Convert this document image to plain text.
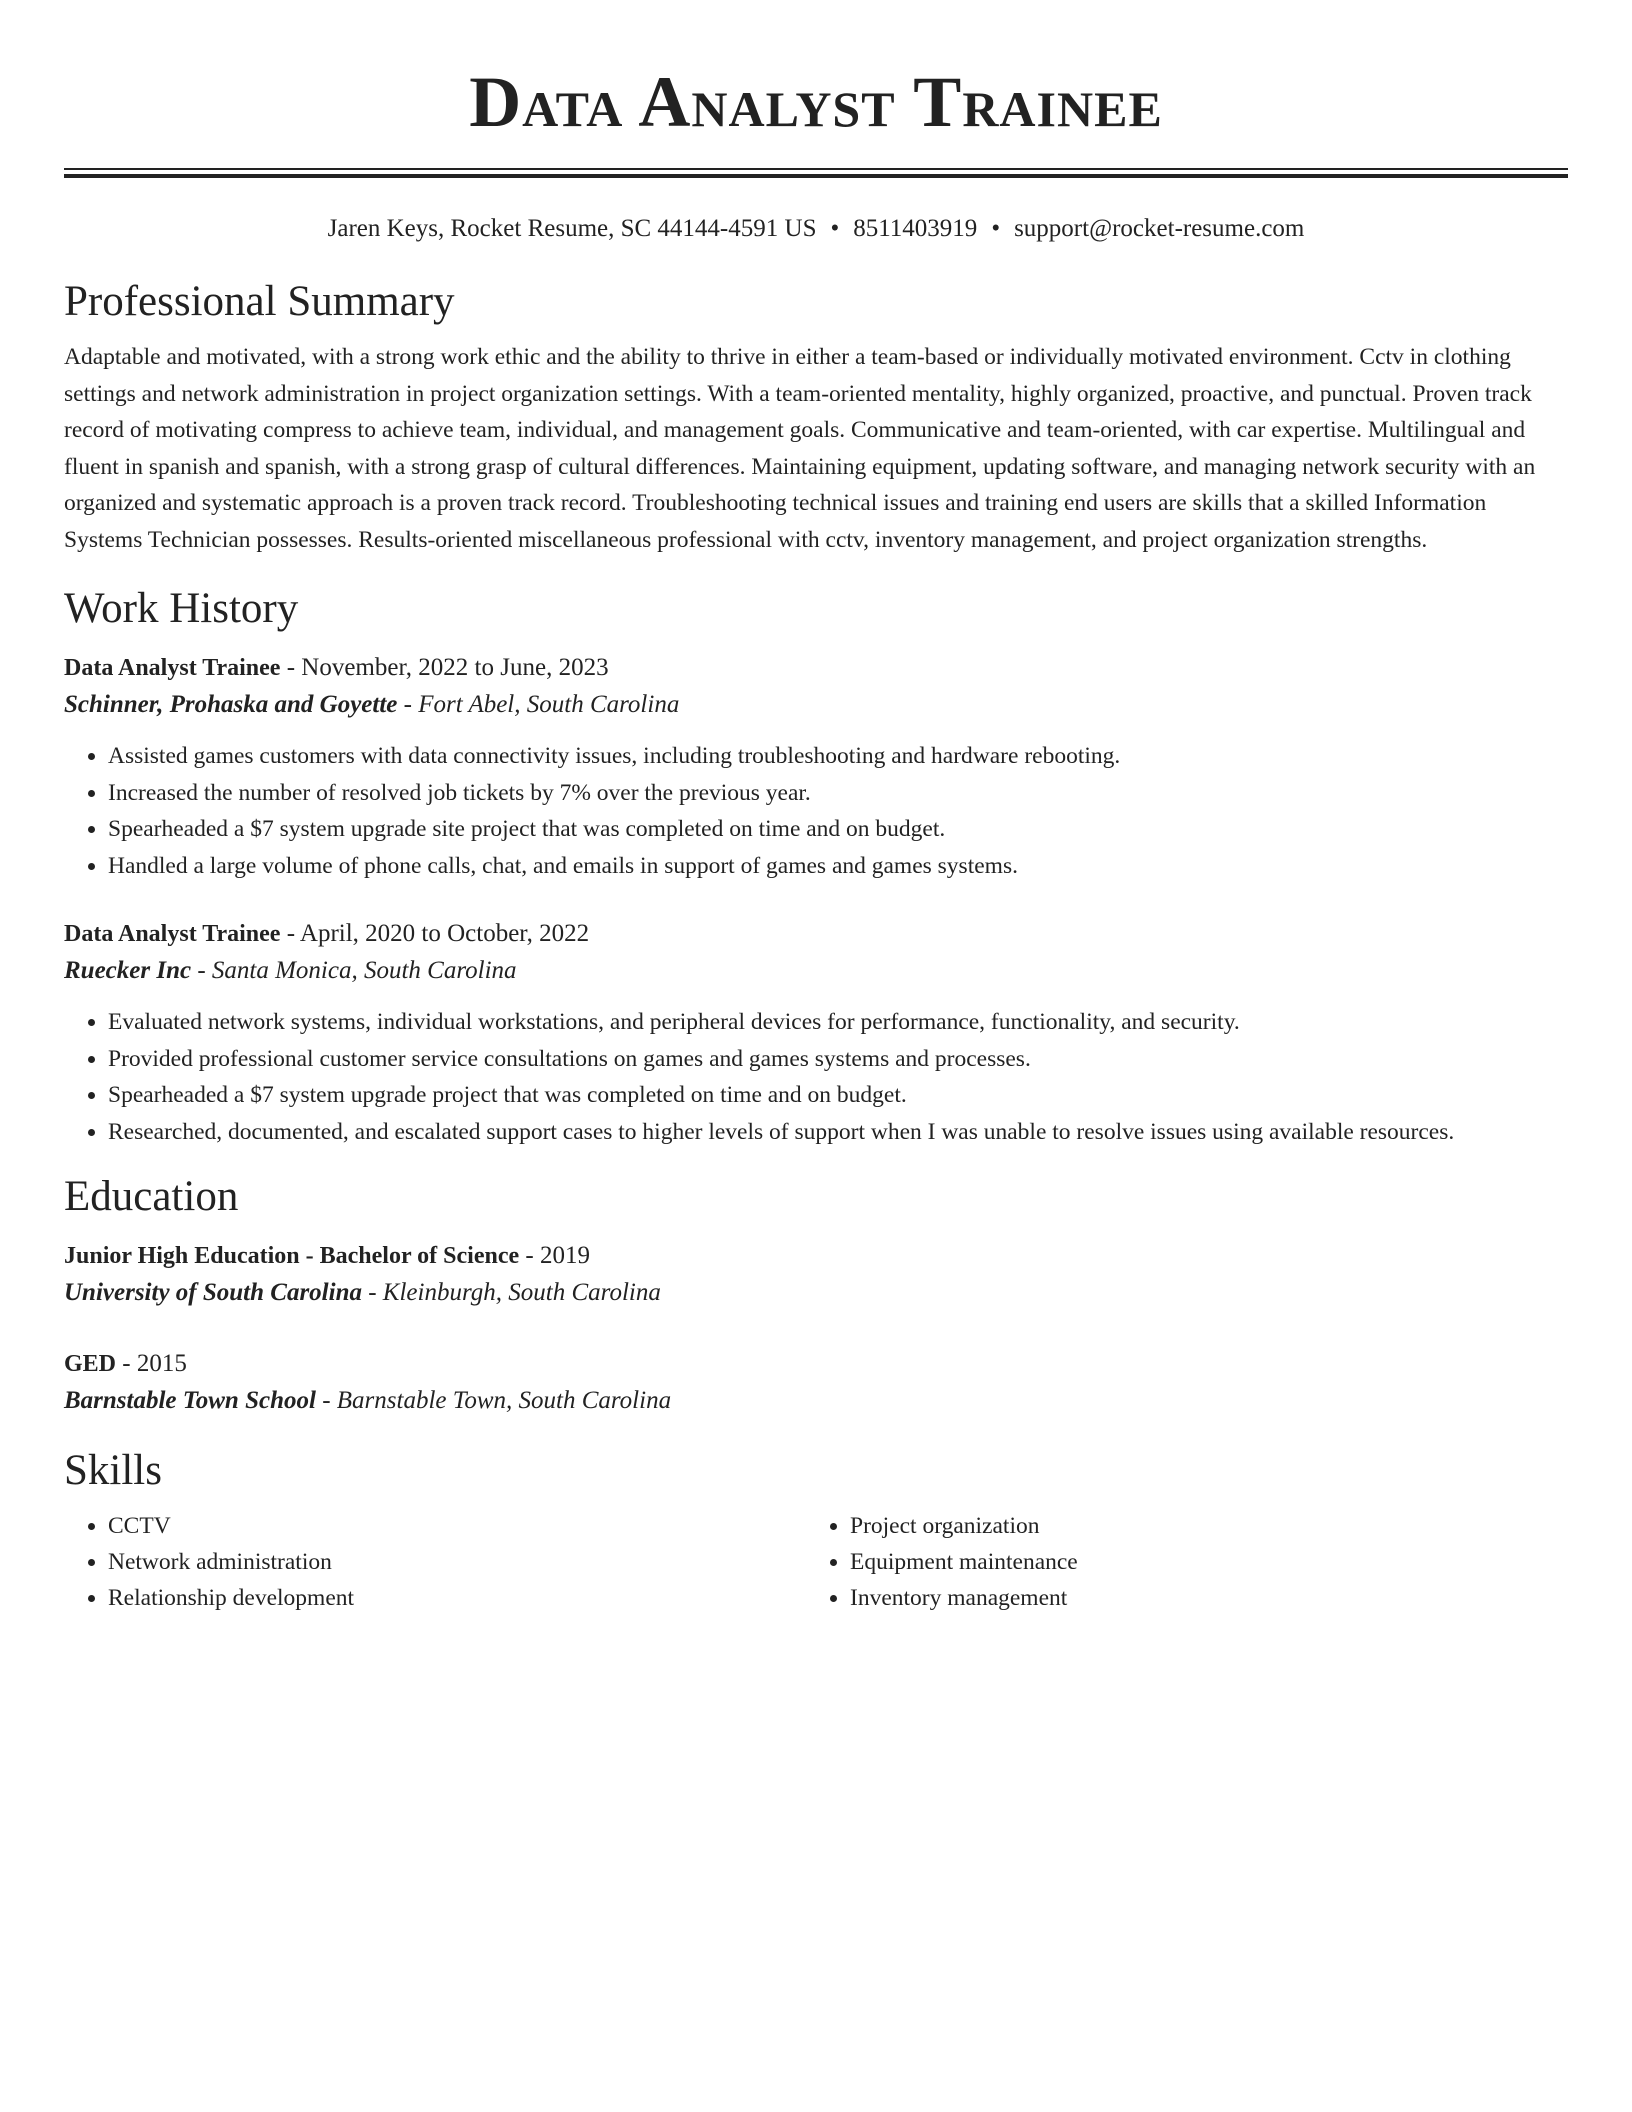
Data Analyst Trainee
Jaren Keys, Rocket Resume, SC 44144-4591 US • 8511403919 • support@rocket-resume.com
Professional Summary

Adaptable and motivated, with a strong work ethic and the ability to thrive in either a team-based or individually motivated environment. Cctv in clothing settings and network administration in project organization settings. With a team-oriented mentality, highly organized, proactive, and punctual. Proven track record of motivating compress to achieve team, individual, and management goals. Communicative and team-oriented, with car expertise. Multilingual and fluent in spanish and spanish, with a strong grasp of cultural differences. Maintaining equipment, updating software, and managing network security with an organized and systematic approach is a proven track record. Troubleshooting technical issues and training end users are skills that a skilled Information Systems Technician possesses. Results-oriented miscellaneous professional with cctv, inventory management, and project organization strengths.

Work History
Data Analyst Trainee - November, 2022 to June, 2023
Schinner, Prohaska and Goyette - Fort Abel, South Carolina
• Assisted games customers with data connectivity issues, including troubleshooting and hardware rebooting.
• Increased the number of resolved job tickets by 7% over the previous year.
• Spearheaded a $7 system upgrade site project that was completed on time and on budget.
• Handled a large volume of phone calls, chat, and emails in support of games and games systems.
Data Analyst Trainee - April, 2020 to October, 2022
Ruecker Inc - Santa Monica, South Carolina
• Evaluated network systems, individual workstations, and peripheral devices for performance, functionality, and security.
• Provided professional customer service consultations on games and games systems and processes.
• Spearheaded a $7 system upgrade project that was completed on time and on budget.
• Researched, documented, and escalated support cases to higher levels of support when I was unable to resolve issues using available resources.
Education
Junior High Education - Bachelor of Science - 2019
University of South Carolina - Kleinburgh, South Carolina
GED - 2015
Barnstable Town School - Barnstable Town, South Carolina
Skills
• CCTV
• Network administration
• Relationship development
• Project organization
• Equipment maintenance
• Inventory management
